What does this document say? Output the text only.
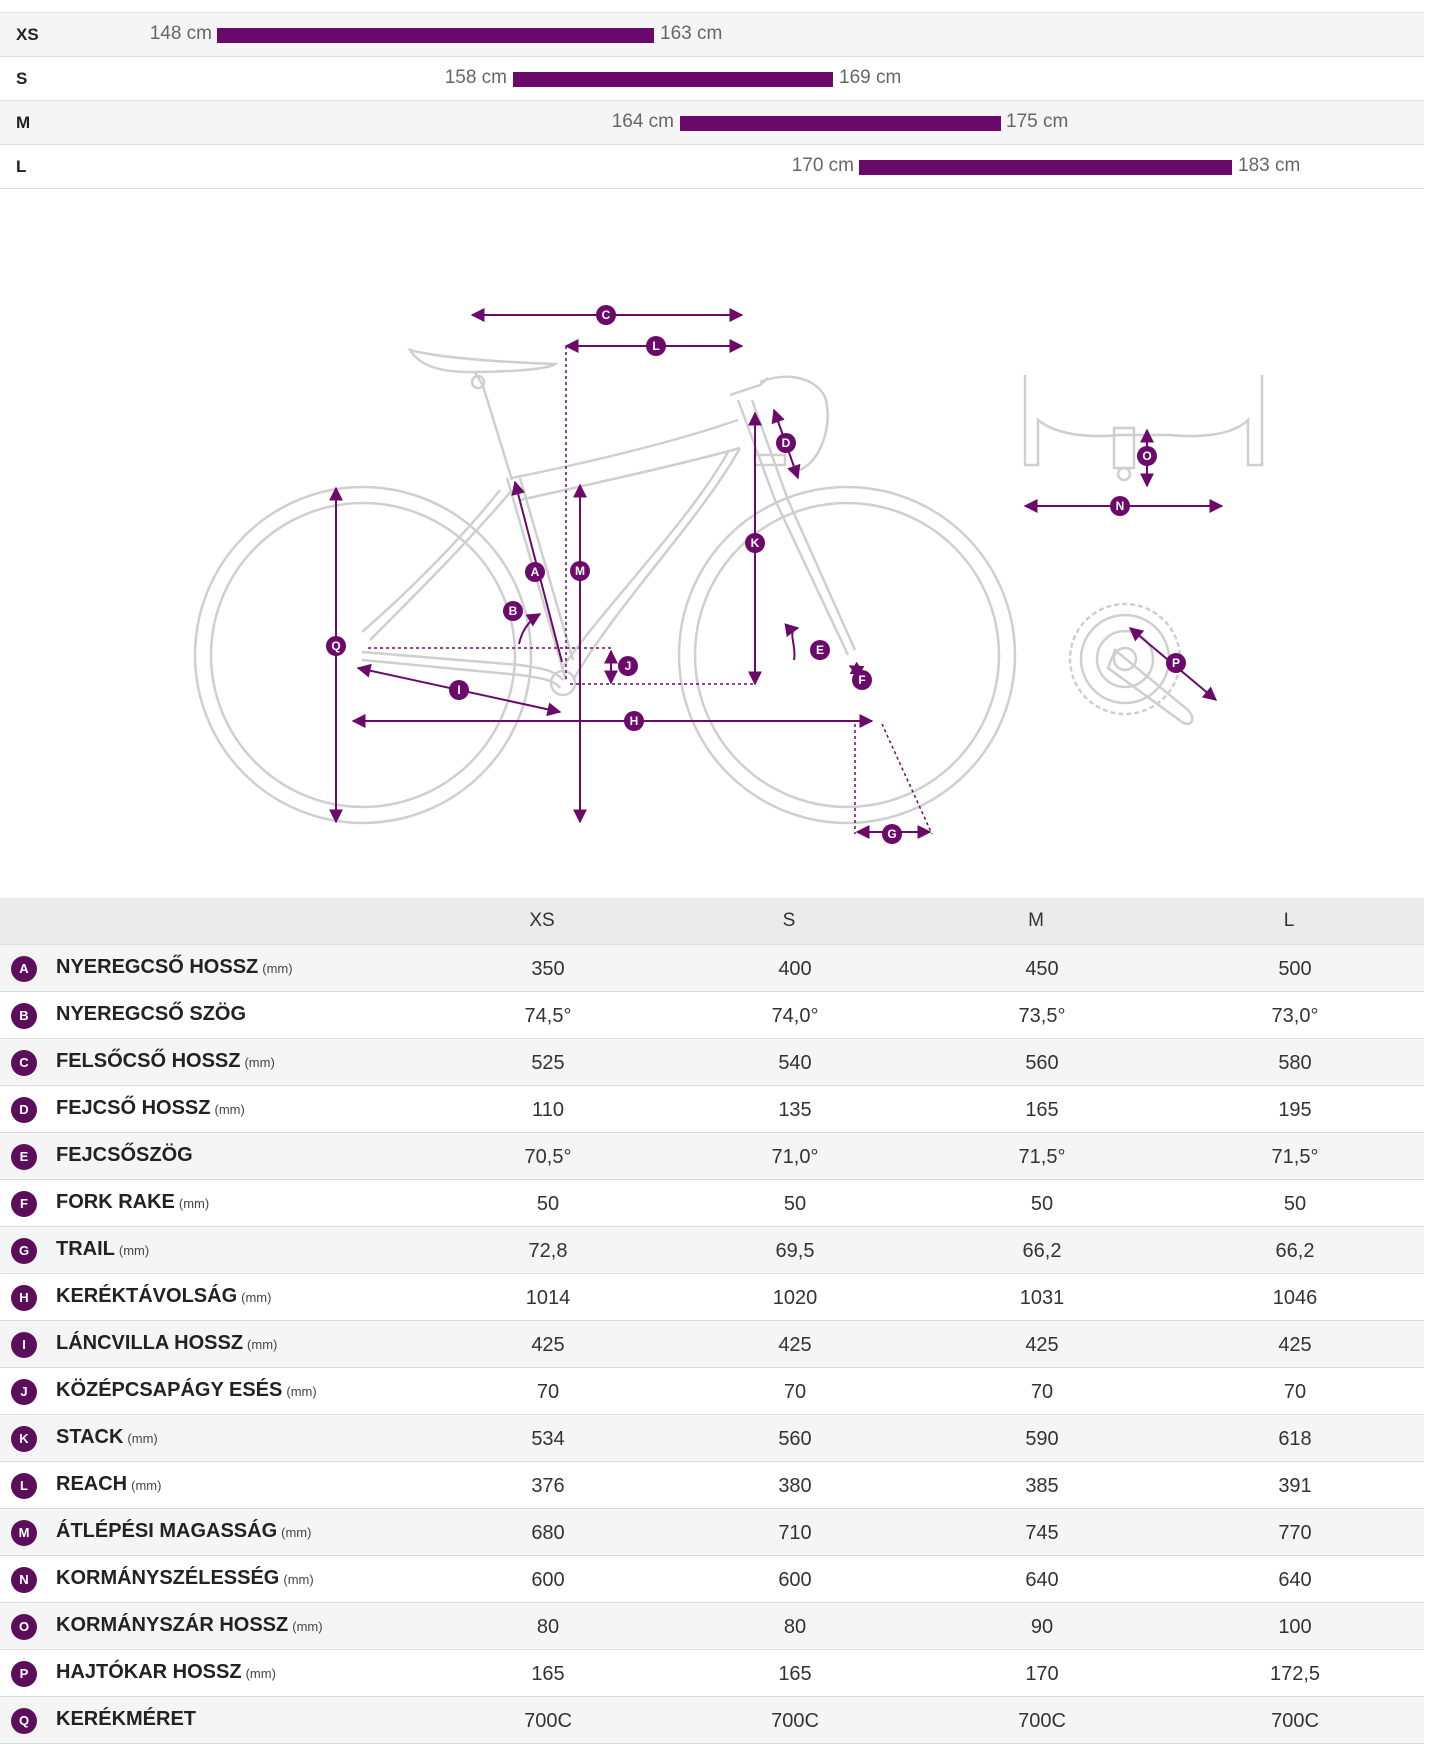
XS	148 cm	163 cm
S	158 cm	169 cm
M	164 cm	175 cm
L	170 cm	183 cm
C
L
D
K
A	M
B
Q	E
J
F
I
H
G
O
N
P
XS	S	M	L
A	NYEREGCSŐ HOSSZ (mm)	350	400	450	500
B	NYEREGCSŐ SZÖG	74,5°	74,0°	73,5°	73,0°
C	FELSŐCSŐ HOSSZ (mm)	525	540	560	580
D	FEJCSŐ HOSSZ (mm)	110	135	165	195
E	FEJCSŐSZÖG	70,5°	71,0°	71,5°	71,5°
F	FORK RAKE (mm)	50	50	50	50
G	TRAIL (mm)	72,8	69,5	66,2	66,2
H	KERÉKTÁVOLSÁG (mm)	1014	1020	1031	1046
I	LÁNCVILLA HOSSZ (mm)	425	425	425	425
J	KÖZÉPCSAPÁGY ESÉS (mm)	70	70	70	70
K	STACK (mm)	534	560	590	618
L	REACH (mm)	376	380	385	391
M	ÁTLÉPÉSI MAGASSÁG (mm)	680	710	745	770
N	KORMÁNYSZÉLESSÉG (mm)	600	600	640	640
O	KORMÁNYSZÁR HOSSZ (mm)	80	80	90	100
P	HAJTÓKAR HOSSZ (mm)	165	165	170	172,5
Q	KERÉKMÉRET	700C	700C	700C	700C
